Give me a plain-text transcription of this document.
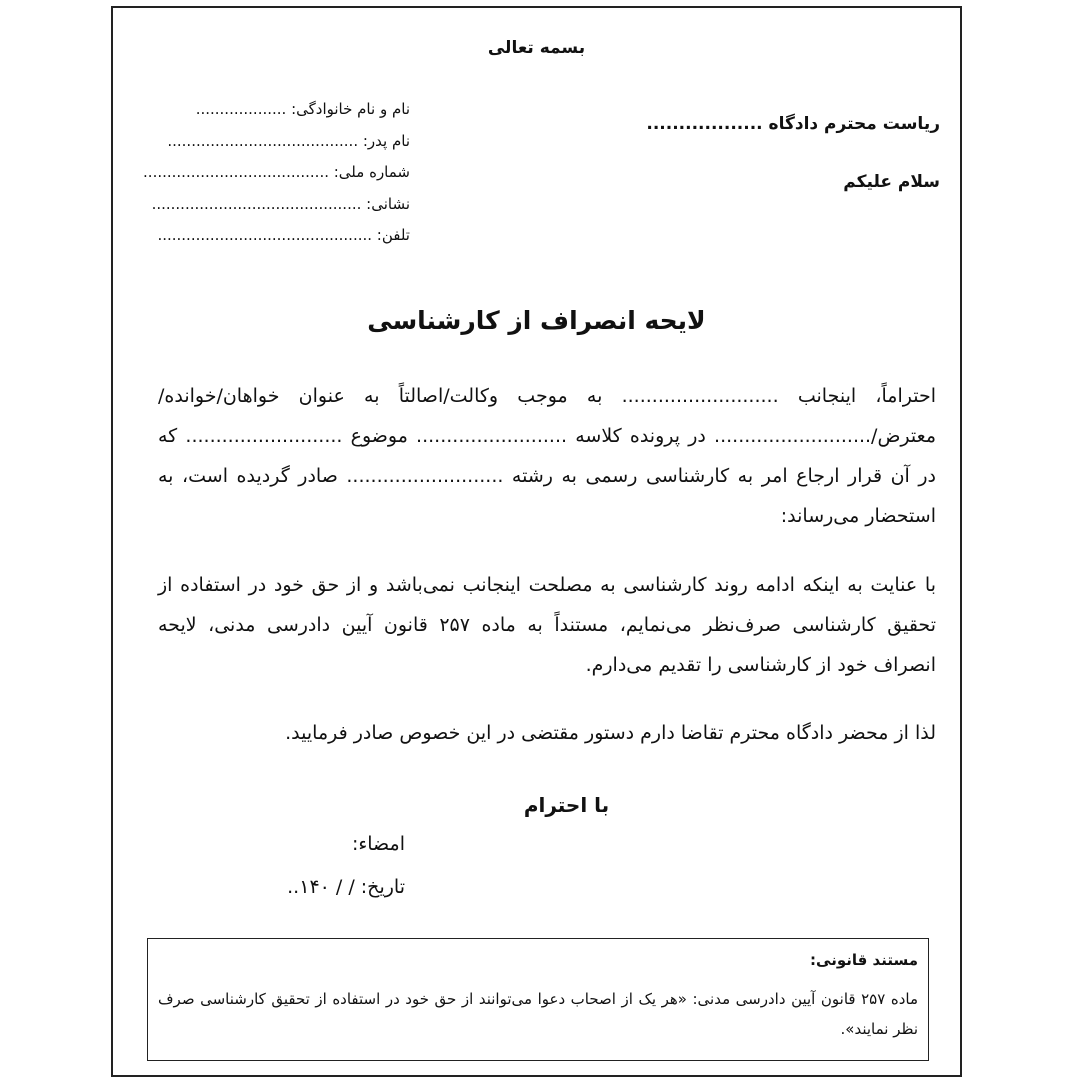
بسمه تعالی
ریاست محترم دادگاه ..................
سلام علیکم
نام و نام خانوادگی: ...................
نام پدر: ........................................
شماره ملی: .......................................
نشانی: ............................................
تلفن: .............................................
لایحه انصراف از کارشناسی
احتراماً، اینجانب .......................... به موجب وکالت/اصالتاً به عنوان خواهان/خوانده/معترض/.......................... در پرونده کلاسه ......................... موضوع .......................... که در آن قرار ارجاع امر به کارشناسی رسمی به رشته .......................... صادر گردیده است، به استحضار می‌رساند:
با عنایت به اینکه ادامه روند کارشناسی به مصلحت اینجانب نمی‌باشد و از حق خود در استفاده از تحقیق کارشناسی صرف‌نظر می‌نمایم، مستنداً به ماده ۲۵۷ قانون آیین دادرسی مدنی، لایحه انصراف خود از کارشناسی را تقدیم می‌دارم.
لذا از محضر دادگاه محترم تقاضا دارم دستور مقتضی در این خصوص صادر فرمایید.
با احترام
امضاء:
تاریخ: / / ۱۴۰..
مستند قانونی:
ماده ۲۵۷ قانون آیین دادرسی مدنی: «هر یک از اصحاب دعوا می‌توانند از حق خود در استفاده از تحقیق کارشناسی صرف نظر نمایند».
